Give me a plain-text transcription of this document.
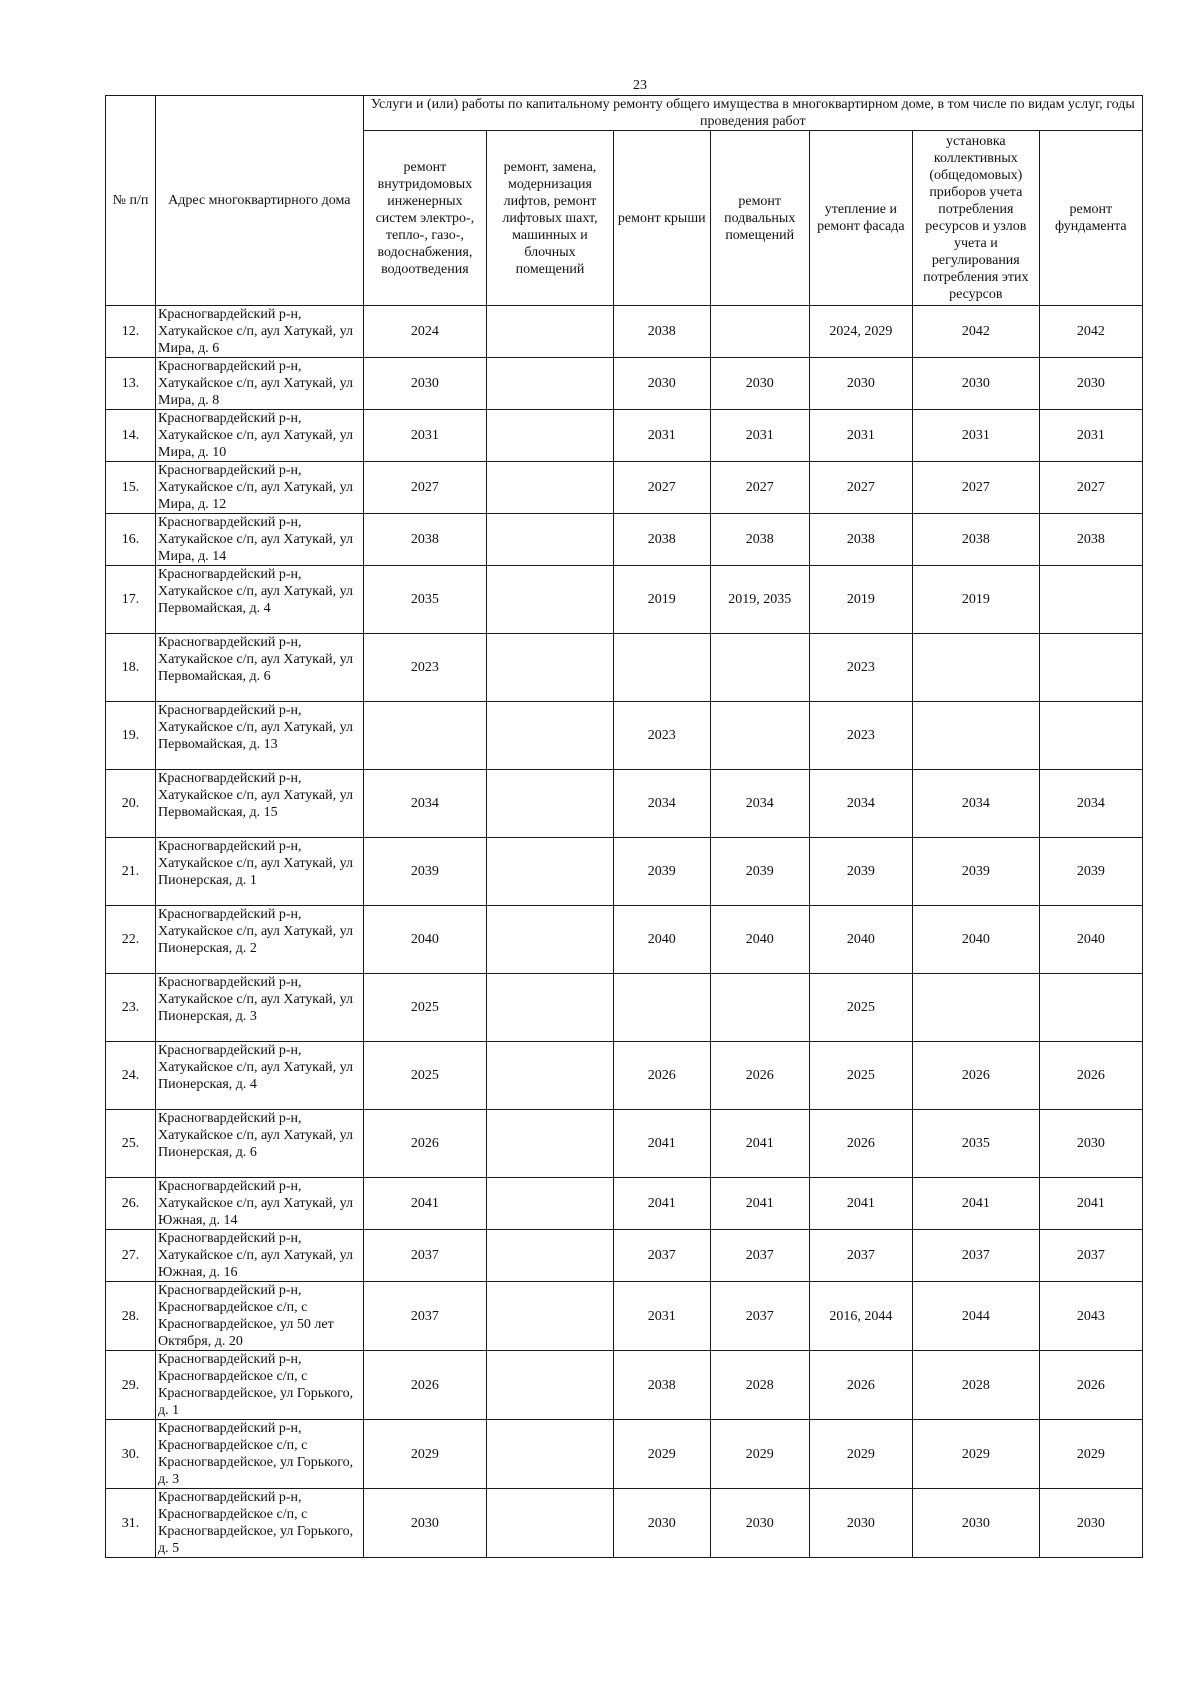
23
№ п/п	Адрес многоквартирного дома	Услуги и (или) работы по капитальному ремонту общего имущества в многоквартирном доме, в том числе по видам услуг, годы проведения работ						
		ремонт внутридомовых инженерных систем электро-, тепло-, газо-, водоснабжения, водоотведения	ремонт, замена, модернизация лифтов, ремонт лифтовых шахт, машинных и блочных помещений	ремонт крыши	ремонт подвальных помещений	утепление и ремонт фасада	установка коллективных (общедомовых) приборов учета потребления ресурсов и узлов учета и регулирования потребления этих ресурсов	ремонт фундамента
12.	Красногвардейский р-н, Хатукайское с/п, аул Хатукай, ул Мира, д. 6	2024		2038		2024, 2029	2042	2042
13.	Красногвардейский р-н, Хатукайское с/п, аул Хатукай, ул Мира, д. 8	2030		2030	2030	2030	2030	2030
14.	Красногвардейский р-н, Хатукайское с/п, аул Хатукай, ул Мира, д. 10	2031		2031	2031	2031	2031	2031
15.	Красногвардейский р-н, Хатукайское с/п, аул Хатукай, ул Мира, д. 12	2027		2027	2027	2027	2027	2027
16.	Красногвардейский р-н, Хатукайское с/п, аул Хатукай, ул Мира, д. 14	2038		2038	2038	2038	2038	2038
17.	Красногвардейский р-н, Хатукайское с/п, аул Хатукай, ул Первомайская, д. 4	2035		2019	2019, 2035	2019	2019	
18.	Красногвардейский р-н, Хатукайское с/п, аул Хатукай, ул Первомайская, д. 6	2023				2023		
19.	Красногвардейский р-н, Хатукайское с/п, аул Хатукай, ул Первомайская, д. 13			2023		2023		
20.	Красногвардейский р-н, Хатукайское с/п, аул Хатукай, ул Первомайская, д. 15	2034		2034	2034	2034	2034	2034
21.	Красногвардейский р-н, Хатукайское с/п, аул Хатукай, ул Пионерская, д. 1	2039		2039	2039	2039	2039	2039
22.	Красногвардейский р-н, Хатукайское с/п, аул Хатукай, ул Пионерская, д. 2	2040		2040	2040	2040	2040	2040
23.	Красногвардейский р-н, Хатукайское с/п, аул Хатукай, ул Пионерская, д. 3	2025				2025		
24.	Красногвардейский р-н, Хатукайское с/п, аул Хатукай, ул Пионерская, д. 4	2025		2026	2026	2025	2026	2026
25.	Красногвардейский р-н, Хатукайское с/п, аул Хатукай, ул Пионерская, д. 6	2026		2041	2041	2026	2035	2030
26.	Красногвардейский р-н, Хатукайское с/п, аул Хатукай, ул Южная, д. 14	2041		2041	2041	2041	2041	2041
27.	Красногвардейский р-н, Хатукайское с/п, аул Хатукай, ул Южная, д. 16	2037		2037	2037	2037	2037	2037
28.	Красногвардейский р-н, Красногвардейское с/п, с Красногвардейское, ул 50 лет Октября, д. 20	2037		2031	2037	2016, 2044	2044	2043
29.	Красногвардейский р-н, Красногвардейское с/п, с Красногвардейское, ул Горького, д. 1	2026		2038	2028	2026	2028	2026
30.	Красногвардейский р-н, Красногвардейское с/п, с Красногвардейское, ул Горького, д. 3	2029		2029	2029	2029	2029	2029
31.	Красногвардейский р-н, Красногвардейское с/п, с Красногвардейское, ул Горького, д. 5	2030		2030	2030	2030	2030	2030
